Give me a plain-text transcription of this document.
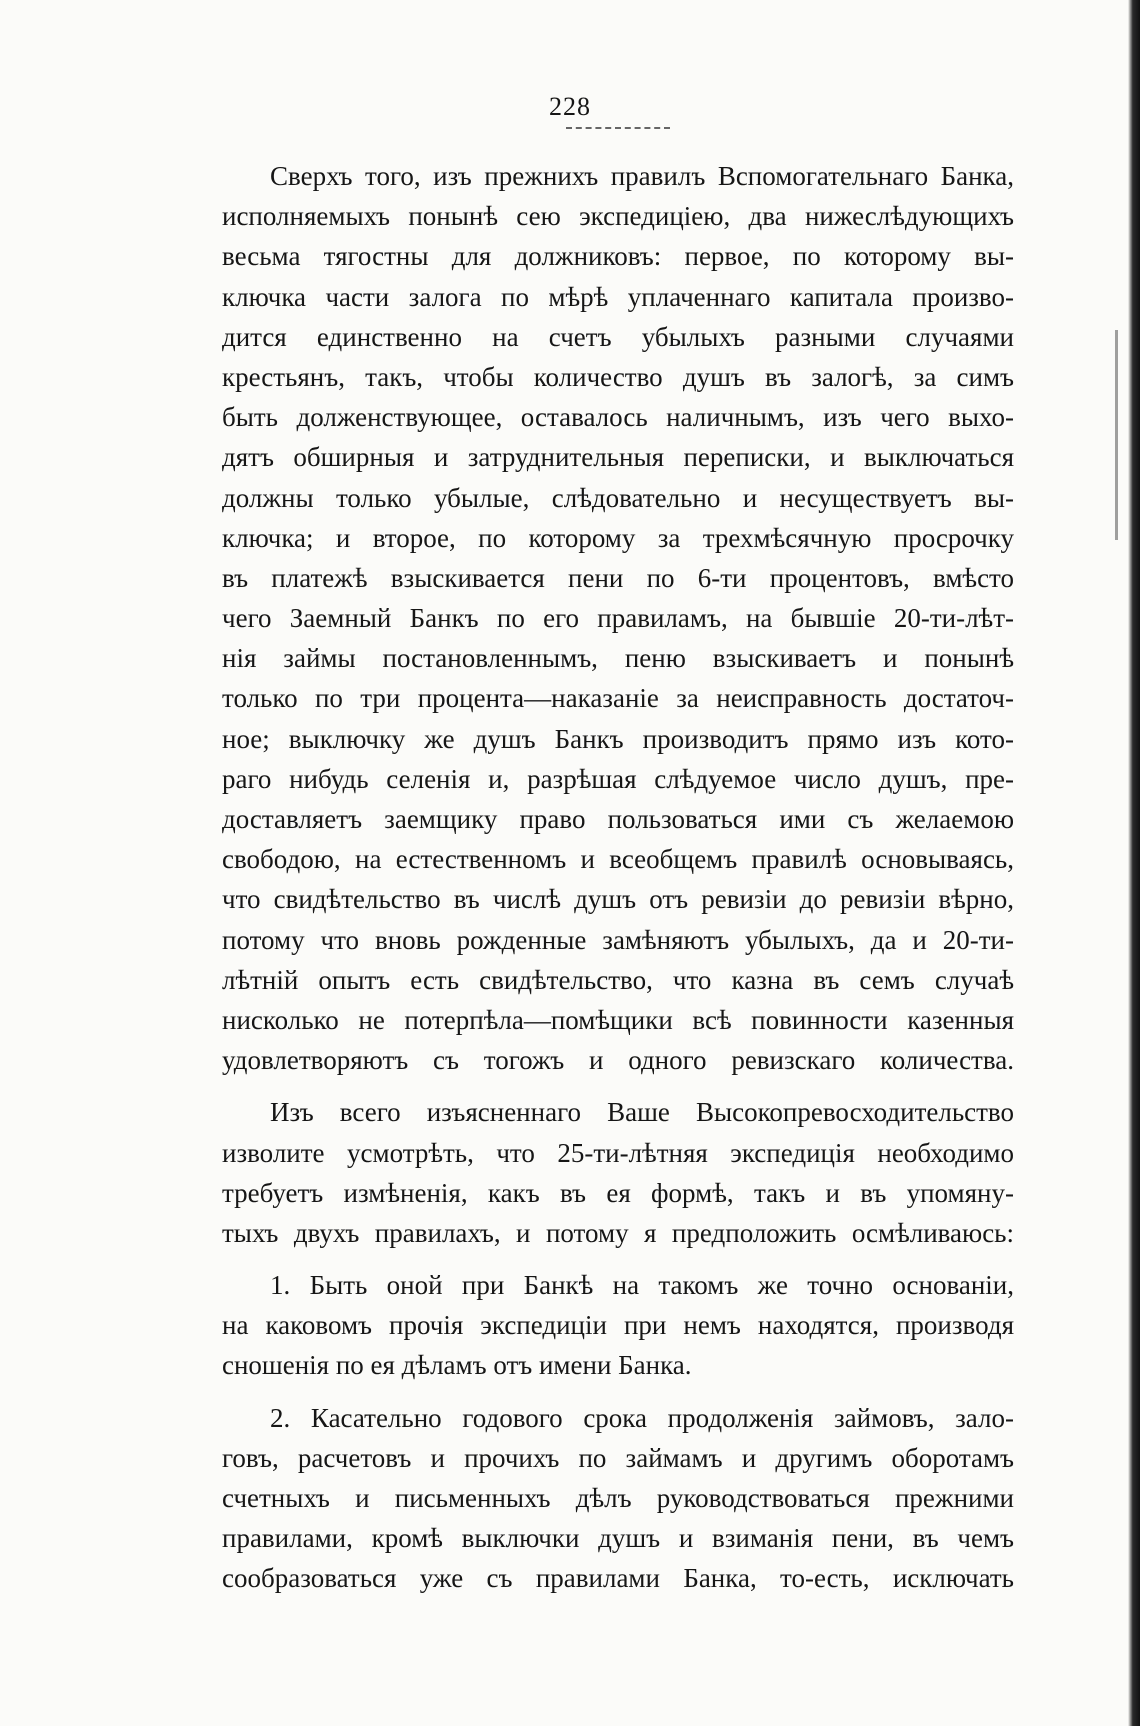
228
Сверхъ того, изъ прежнихъ правилъ Вспомогательнаго Банка,
исполняемыхъ понынѣ сею экспедиціею, два нижеслѣдующихъ
весьма тягостны для должниковъ: первое, по которому вы-
ключка части залога по мѣрѣ уплаченнаго капитала произво-
дится единственно на счетъ убылыхъ разными случаями
крестьянъ, такъ, чтобы количество душъ въ залогѣ, за симъ
быть долженствующее, оставалось наличнымъ, изъ чего выхо-
дятъ обширныя и затруднительныя переписки, и выключаться
должны только убылые, слѣдовательно и несуществуетъ вы-
ключка; и второе, по которому за трехмѣсячную просрочку
въ платежѣ взыскивается пени по 6-ти процентовъ, вмѣсто
чего Заемный Банкъ по его правиламъ, на бывшіе 20-ти-лѣт-
нія займы постановленнымъ, пеню взыскиваетъ и понынѣ
только по три процента—наказаніе за неисправность достаточ-
ное; выключку же душъ Банкъ производитъ прямо изъ кото-
раго нибудь селенія и, разрѣшая слѣдуемое число душъ, пре-
доставляетъ заемщику право пользоваться ими съ желаемою
свободою, на естественномъ и всеобщемъ правилѣ основываясь,
что свидѣтельство въ числѣ душъ отъ ревизіи до ревизіи вѣрно,
потому что вновь рожденные замѣняютъ убылыхъ, да и 20-ти-
лѣтній опытъ есть свидѣтельство, что казна въ семъ случаѣ
нисколько не потерпѣла—помѣщики всѣ повинности казенныя
удовлетворяютъ съ тогожъ и одного ревизскаго количества.
Изъ всего изъясненнаго Ваше Высокопревосходительство
изволите усмотрѣть, что 25-ти-лѣтняя экспедиція необходимо
требуетъ измѣненія, какъ въ ея формѣ, такъ и въ упомяну-
тыхъ двухъ правилахъ, и потому я предположить осмѣливаюсь:
1. Быть оной при Банкѣ на такомъ же точно основаніи,
на каковомъ прочія экспедиціи при немъ находятся, производя
сношенія по ея дѣламъ отъ имени Банка.
2. Касательно годового срока продолженія займовъ, зало-
говъ, расчетовъ и прочихъ по займамъ и другимъ оборотамъ
счетныхъ и письменныхъ дѣлъ руководствоваться прежними
правилами, кромѣ выключки душъ и взиманія пени, въ чемъ
сообразоваться уже съ правилами Банка, то-есть, исключать
